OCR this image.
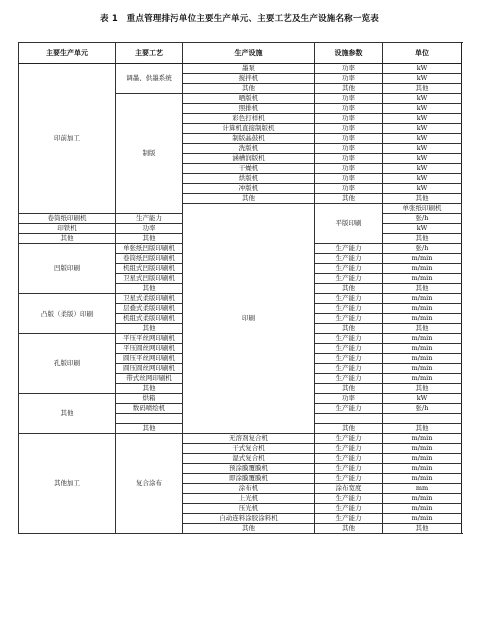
表 1　重点管理排污单位主要生产单元、主要工艺及生产设施名称一览表
主要生产单元	主要工艺	生产设施	设施参数	单位	
印前加工	调墨、供墨系统	墨泵	功率	kW	
		搅拌机	功率	kW	
		其他	其他	其他	
	制版	晒版机	功率	kW	
		照排机	功率	kW	
		彩色打样机	功率	kW	
		计算机直接制版机	功率	kW	
		制版晶鼓机	功率	kW	
		洗版机	功率	kW	
		涵槽润版机	功率	kW	
		干燥机	功率	kW	
		烘版机	功率	kW	
		冲版机	功率	kW	
		其他	其他	其他	
		印刷	平版印刷	单张纸印刷机		
卷筒纸印刷机	生产能力			张/h	
印铁机	功率			kW	
其他	其他			其他	
凹版印刷	单张纸凹版印刷机		生产能力	张/h	
	卷筒纸凹版印刷机		生产能力	m/min	
	机组式凹版印刷机		生产能力	m/min	
	卫星式凹版印刷机		生产能力	m/min	
	其他		其他	其他	
凸版（柔版）印刷	卫星式柔版印刷机		生产能力	m/min	
	层叠式柔版印刷机		生产能力	m/min	
	机组式柔版印刷机		生产能力	m/min	
	其他		其他	其他	
孔版印刷	平压平丝网印刷机		生产能力	m/min	
	平压圆丝网印刷机		生产能力	m/min	
	圆压平丝网印刷机		生产能力	m/min	
	圆压圆丝网印刷机		生产能力	m/min	
	带式丝网印刷机		生产能力	m/min	
	其他		其他	其他	
其他	烘箱		功率	kW	
	数码喷绘机		生产能力	张/h	

	其他		其他	其他	
其他加工	复合涂布	无溶剂复合机	生产能力	m/min	
		干式复合机	生产能力	m/min	
		湿式复合机	生产能力	m/min	
		预涂膜覆膜机	生产能力	m/min	
		即涂膜覆膜机	生产能力	m/min	
		涂布机	涂布宽度	mm	
		上光机	生产能力	m/min	
		压光机	生产能力	m/min	
		自动连料涂胶涂料机	生产能力	m/min	
		其他	其他	其他	
